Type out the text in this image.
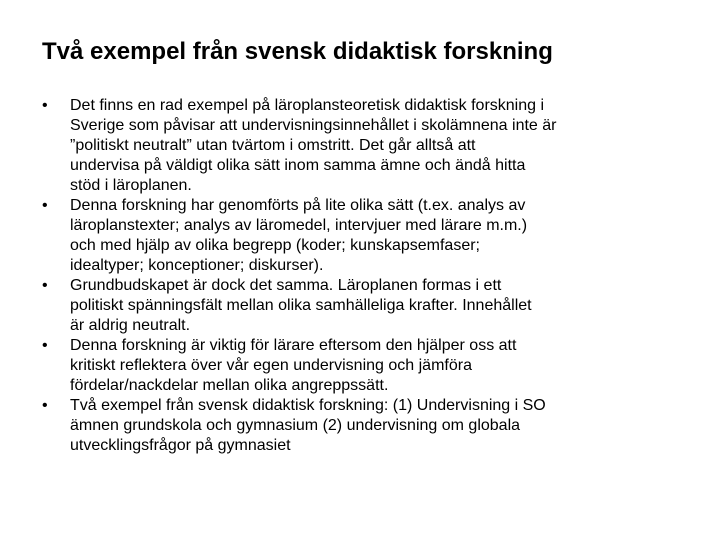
Två exempel från svensk didaktisk forskning
•	Det finns en rad exempel på läroplansteoretisk didaktisk forskning i
Sverige som påvisar att undervisningsinnehållet i skolämnena inte är
”politiskt neutralt” utan tvärtom i omstritt. Det går alltså att
undervisa på väldigt olika sätt inom samma ämne och ändå hitta
stöd i läroplanen.
•	Denna forskning har genomförts på lite olika sätt (t.ex. analys av
läroplanstexter; analys av läromedel, intervjuer med lärare m.m.)
och med hjälp av olika begrepp (koder; kunskapsemfaser;
idealtyper; konceptioner; diskurser).
•	Grundbudskapet är dock det samma. Läroplanen formas i ett
politiskt spänningsfält mellan olika samhälleliga krafter. Innehållet
är aldrig neutralt.
•	Denna forskning är viktig för lärare eftersom den hjälper oss att
kritiskt reflektera över vår egen undervisning och jämföra
fördelar/nackdelar mellan olika angreppssätt.
•	Två exempel från svensk didaktisk forskning: (1) Undervisning i SO
ämnen grundskola och gymnasium (2) undervisning om globala
utvecklingsfrågor på gymnasiet
